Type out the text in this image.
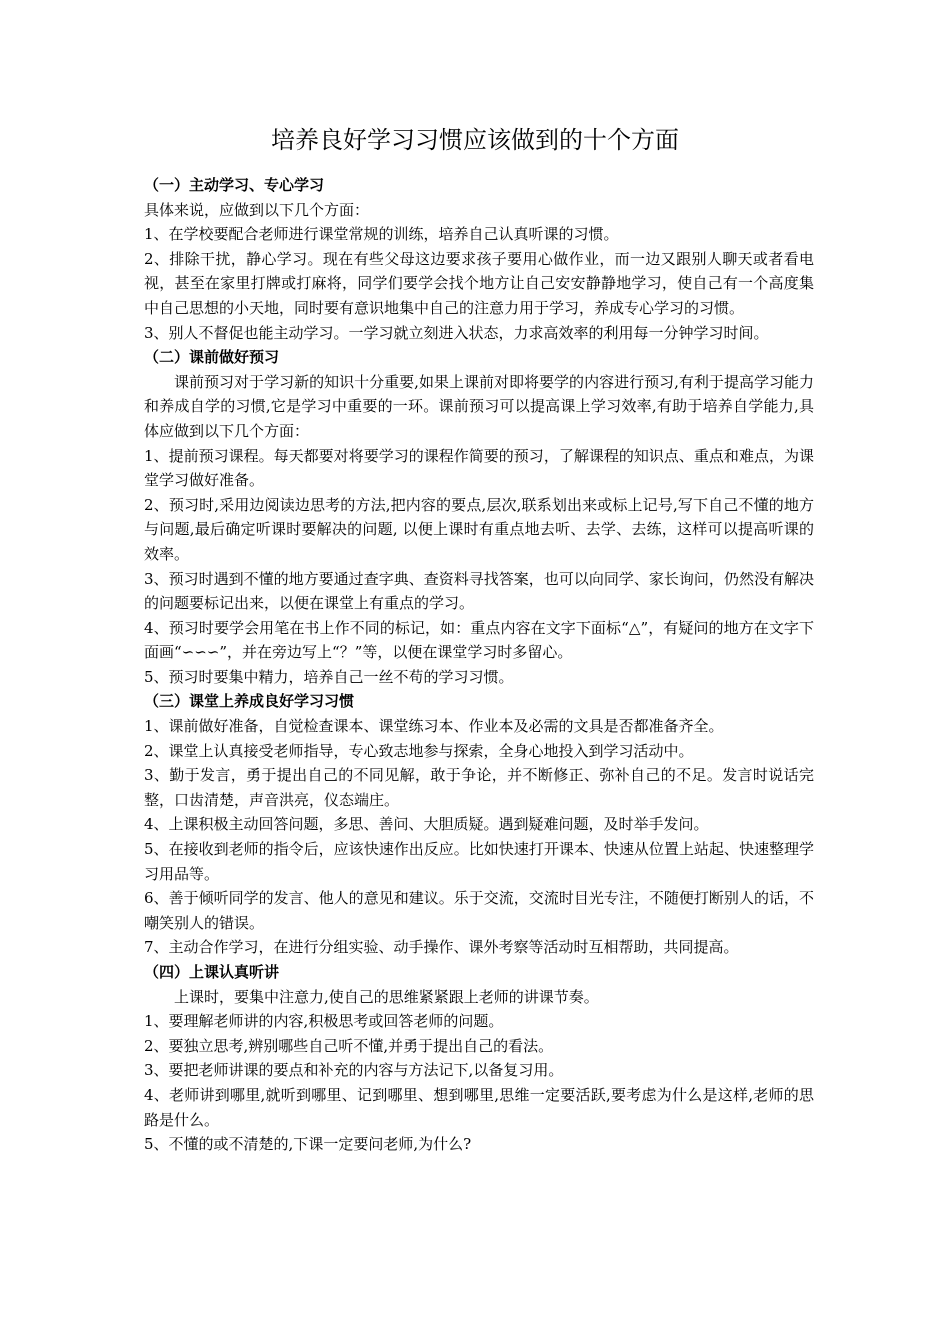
培养良好学习习惯应该做到的十个方面

（一）主动学习、专心学习

具体来说，应做到以下几个方面：

1、在学校要配合老师进行课堂常规的训练，培养自己认真听课的习惯。

2、排除干扰，静心学习。现在有些父母这边要求孩子要用心做作业，而一边又跟别人聊天或者看电视，甚至在家里打牌或打麻将，同学们要学会找个地方让自己安安静静地学习，使自己有一个高度集中自己思想的小天地，同时要有意识地集中自己的注意力用于学习，养成专心学习的习惯。

3、别人不督促也能主动学习。一学习就立刻进入状态，力求高效率的利用每一分钟学习时间。

（二）课前做好预习

课前预习对于学习新的知识十分重要,如果上课前对即将要学的内容进行预习,有利于提高学习能力和养成自学的习惯,它是学习中重要的一环。课前预习可以提高课上学习效率,有助于培养自学能力,具体应做到以下几个方面：

1、提前预习课程。每天都要对将要学习的课程作简要的预习，了解课程的知识点、重点和难点，为课堂学习做好准备。

2、预习时,采用边阅读边思考的方法,把内容的要点,层次,联系划出来或标上记号,写下自己不懂的地方与问题,最后确定听课时要解决的问题, 以便上课时有重点地去听、去学、去练，这样可以提高听课的效率。

3、预习时遇到不懂的地方要通过查字典、查资料寻找答案，也可以向同学、家长询问，仍然没有解决的问题要标记出来，以便在课堂上有重点的学习。

4、预习时要学会用笔在书上作不同的标记，如：重点内容在文字下面标“△”，有疑问的地方在文字下面画“∽∽∽”，并在旁边写上“？”等，以便在课堂学习时多留心。

5、预习时要集中精力，培养自己一丝不苟的学习习惯。

（三）课堂上养成良好学习习惯

1、课前做好准备，自觉检查课本、课堂练习本、作业本及必需的文具是否都准备齐全。

2、课堂上认真接受老师指导，专心致志地参与探索，全身心地投入到学习活动中。

3、勤于发言，勇于提出自己的不同见解，敢于争论，并不断修正、弥补自己的不足。发言时说话完整，口齿清楚，声音洪亮，仪态端庄。

4、上课积极主动回答问题，多思、善问、大胆质疑。遇到疑难问题，及时举手发问。

5、在接收到老师的指令后，应该快速作出反应。比如快速打开课本、快速从位置上站起、快速整理学习用品等。

6、善于倾听同学的发言、他人的意见和建议。乐于交流，交流时目光专注，不随便打断别人的话，不嘲笑别人的错误。

7、主动合作学习，在进行分组实验、动手操作、课外考察等活动时互相帮助，共同提高。

（四）上课认真听讲

上课时，要集中注意力,使自己的思维紧紧跟上老师的讲课节奏。

1、要理解老师讲的内容,积极思考或回答老师的问题。

2、要独立思考,辨别哪些自己听不懂,并勇于提出自己的看法。

3、要把老师讲课的要点和补充的内容与方法记下,以备复习用。

4、老师讲到哪里,就听到哪里、记到哪里、想到哪里,思维一定要活跃,要考虑为什么是这样,老师的思路是什么。

5、不懂的或不清楚的,下课一定要问老师,为什么?
